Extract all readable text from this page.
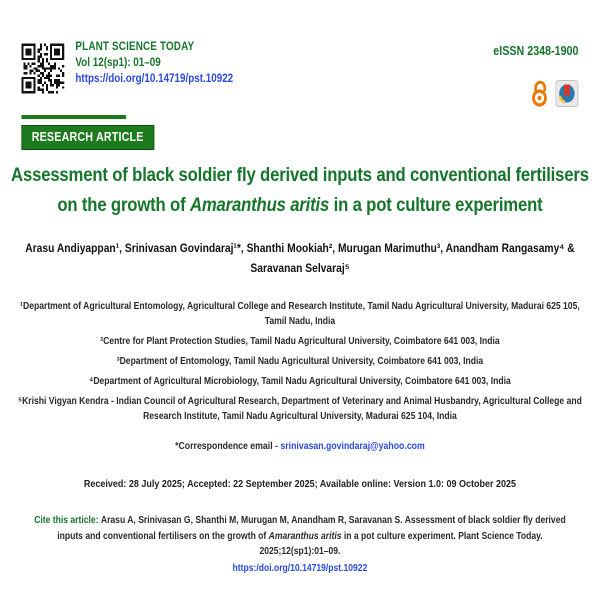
PLANT SCIENCE TODAY
Vol 12(sp1): 01–09
https://doi.org/10.14719/pst.10922
eISSN 2348-1900
RESEARCH ARTICLE
Assessment of black soldier fly derived inputs and conventional fertilisers on the growth of Amaranthus aritis in a pot culture experiment
Arasu Andiyappan¹, Srinivasan Govindaraj¹*, Shanthi Mookiah², Murugan Marimuthu³, Anandham Rangasamy⁴ & Saravanan Selvaraj⁵
¹Department of Agricultural Entomology, Agricultural College and Research Institute, Tamil Nadu Agricultural University, Madurai 625 105, Tamil Nadu, India
²Centre for Plant Protection Studies, Tamil Nadu Agricultural University, Coimbatore 641 003, India
³Department of Entomology, Tamil Nadu Agricultural University, Coimbatore 641 003, India
⁴Department of Agricultural Microbiology, Tamil Nadu Agricultural University, Coimbatore 641 003, India
⁵Krishi Vigyan Kendra - Indian Council of Agricultural Research, Department of Veterinary and Animal Husbandry, Agricultural College and Research Institute, Tamil Nadu Agricultural University, Madurai 625 104, India
*Correspondence email - srinivasan.govindaraj@yahoo.com
Received: 28 July 2025; Accepted: 22 September 2025; Available online: Version 1.0: 09 October 2025
Cite this article: Arasu A, Srinivasan G, Shanthi M, Murugan M, Anandham R, Saravanan S. Assessment of black soldier fly derived inputs and conventional fertilisers on the growth of Amaranthus aritis in a pot culture experiment. Plant Science Today. 2025;12(sp1):01–09.
https:/doi.org/10.14719/pst.10922
